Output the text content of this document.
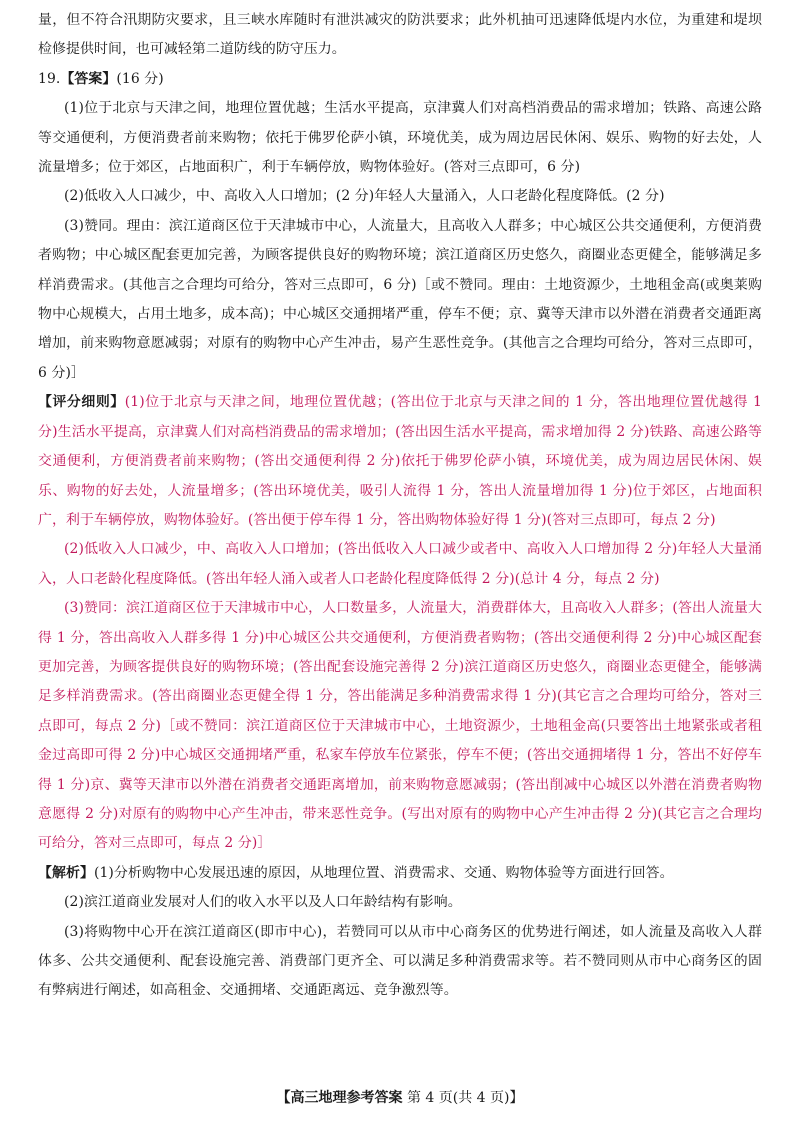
量，但不符合汛期防灾要求，且三峡水库随时有泄洪减灾的防洪要求；此外机抽可迅速降低堤内水位，为重建和堤坝检修提供时间，也可减轻第二道防线的防守压力。

19.【答案】(16 分)

(1)位于北京与天津之间，地理位置优越；生活水平提高，京津冀人们对高档消费品的需求增加；铁路、高速公路等交通便利，方便消费者前来购物；依托于佛罗伦萨小镇，环境优美，成为周边居民休闲、娱乐、购物的好去处，人流量增多；位于郊区，占地面积广，利于车辆停放，购物体验好。(答对三点即可，6 分)

(2)低收入人口减少，中、高收入人口增加；(2 分)年轻人大量涌入，人口老龄化程度降低。(2 分)

(3)赞同。理由：滨江道商区位于天津城市中心，人流量大，且高收入人群多；中心城区公共交通便利，方便消费者购物；中心城区配套更加完善，为顾客提供良好的购物环境；滨江道商区历史悠久，商圈业态更健全，能够满足多样消费需求。(其他言之合理均可给分，答对三点即可，6 分)［或不赞同。理由：土地资源少，土地租金高(或奥莱购物中心规模大，占用土地多，成本高)；中心城区交通拥堵严重，停车不便；京、冀等天津市以外潜在消费者交通距离增加，前来购物意愿减弱；对原有的购物中心产生冲击，易产生恶性竞争。(其他言之合理均可给分，答对三点即可，6 分)］

【评分细则】(1)位于北京与天津之间，地理位置优越；(答出位于北京与天津之间的 1 分，答出地理位置优越得 1 分)生活水平提高，京津冀人们对高档消费品的需求增加；(答出因生活水平提高，需求增加得 2 分)铁路、高速公路等交通便利，方便消费者前来购物；(答出交通便利得 2 分)依托于佛罗伦萨小镇，环境优美，成为周边居民休闲、娱乐、购物的好去处，人流量增多；(答出环境优美，吸引人流得 1 分，答出人流量增加得 1 分)位于郊区，占地面积广，利于车辆停放，购物体验好。(答出便于停车得 1 分，答出购物体验好得 1 分)(答对三点即可，每点 2 分)

(2)低收入人口减少，中、高收入人口增加；(答出低收入人口减少或者中、高收入人口增加得 2 分)年轻人大量涌入，人口老龄化程度降低。(答出年轻人涌入或者人口老龄化程度降低得 2 分)(总计 4 分，每点 2 分)

(3)赞同：滨江道商区位于天津城市中心，人口数量多，人流量大，消费群体大，且高收入人群多；(答出人流量大得 1 分，答出高收入人群多得 1 分)中心城区公共交通便利，方便消费者购物；(答出交通便利得 2 分)中心城区配套更加完善，为顾客提供良好的购物环境；(答出配套设施完善得 2 分)滨江道商区历史悠久，商圈业态更健全，能够满足多样消费需求。(答出商圈业态更健全得 1 分，答出能满足多种消费需求得 1 分)(其它言之合理均可给分，答对三点即可，每点 2 分)［或不赞同：滨江道商区位于天津城市中心，土地资源少，土地租金高(只要答出土地紧张或者租金过高即可得 2 分)中心城区交通拥堵严重，私家车停放车位紧张，停车不便；(答出交通拥堵得 1 分，答出不好停车得 1 分)京、冀等天津市以外潜在消费者交通距离增加，前来购物意愿减弱；(答出削减中心城区以外潜在消费者购物意愿得 2 分)对原有的购物中心产生冲击，带来恶性竞争。(写出对原有的购物中心产生冲击得 2 分)(其它言之合理均可给分，答对三点即可，每点 2 分)］

【解析】(1)分析购物中心发展迅速的原因，从地理位置、消费需求、交通、购物体验等方面进行回答。

(2)滨江道商业发展对人们的收入水平以及人口年龄结构有影响。

(3)将购物中心开在滨江道商区(即市中心)，若赞同可以从市中心商务区的优势进行阐述，如人流量及高收入人群体多、公共交通便利、配套设施完善、消费部门更齐全、可以满足多种消费需求等。若不赞同则从市中心商务区的固有弊病进行阐述，如高租金、交通拥堵、交通距离远、竞争激烈等。

【高三地理参考答案 第 4 页(共 4 页)】
